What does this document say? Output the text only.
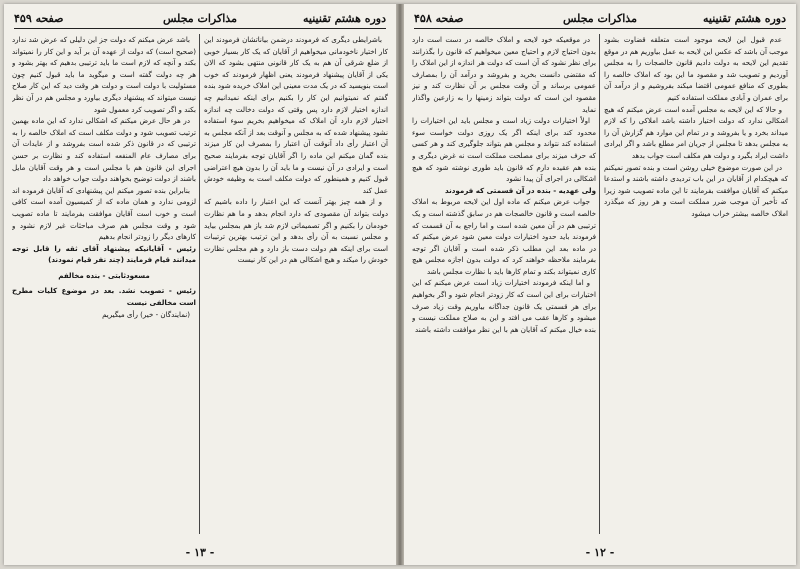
صفحه ۴۵۹	مذاکرات مجلس	دوره هشتم تقنینیه

باشرایطی دیگری که فرمودند درضمن بیاناتشان فرمودند این کار اختیار ناخودمانی میخواهیم از آقایان که یک کار بسیار خوبی از ضلع شرقی آن هم به یک کار قانونی منتهی بشود که الان یکی از آقایان پیشنهاد فرمودند یعنی اظهار فرمودند که خوب است بنویسید که در یک مدت معینی این املاک خریده شود بنده گفتم که نمیتوانیم این کار را بکنیم برای اینکه نمیدانیم چه اندازه اختیار لازم دارد پس وقتی که دولت دخالت چه اندازه اختیار لازم دارد آن املاک که میخواهیم بخریم سوء استفاده نشود پیشنهاد شده که به مجلس و آنوقت بعد از آنکه مجلس به آن اعتبار رأی داد آنوقت آن اعتبار را بمصرف این کار میزند بنده گمان میکنم این ماده را اگر آقایان توجه بفرمایند صحیح است و ایرادی در آن نیست و ما باید آن را بدون هیچ اعتراضی قبول کنیم و همینطور که دولت مکلف است به وظیفه خودش عمل کند

و از همه چیز بهتر آنست که این اعتبار را داده باشیم که دولت بتواند آن مقصودی که دارد انجام بدهد و ما هم نظارت خودمان را بکنیم و اگر تصمیماتی لازم شد باز هم بمجلس بیاید و مجلس نسبت به آن رأی بدهد و این ترتیب بهترین ترتیبات است برای اینکه هم دولت دست باز دارد و هم مجلس نظارت خودش را میکند و هیچ اشکالی هم در این کار نیست

باشد عرض میکنم که دولت جز این دلیلی که عرض شد ندارد (صحیح است) که دولت از عهده آن بر آید و این کار را نمیتواند بکند و آنچه که لازم است ما باید ترتیبی بدهیم که بهتر بشود و هر چه دولت گفته است و میگوید ما باید قبول کنیم چون مسئولیت با دولت است و دولت هر وقت دید که این کار صلاح نیست میتواند که پیشنهاد دیگری بیاورد و مجلس هم در آن نظر بکند و اگر تصویب کرد معمول شود

در هر حال عرض میکنم که اشکالی ندارد که این ماده بهمین ترتیب تصویب شود و دولت مکلف است که املاک خالصه را به ترتیبی که در قانون ذکر شده است بفروشد و از عایدات آن برای مصارف عام المنفعه استفاده کند و نظارت بر حسن اجرای این قانون هم با مجلس است و هر وقت آقایان مایل باشند از دولت توضیح بخواهند دولت جواب خواهد داد

بنابراین بنده تصور میکنم این پیشنهادی که آقایان فرموده اند لزومی ندارد و همان ماده که از کمیسیون آمده است کافی است و خوب است آقایان موافقت بفرمایند تا ماده تصویب شود و وقت مجلس هم صرف مباحثات غیر لازم نشود و کارهای دیگر را زودتر انجام بدهیم

رئیس - آقایانیکه پیشنهاد آقای ثقه را قابل توجه میدانند قیام فرمایند (چند نفر قیام نمودند)

مسعودثابتی - بنده مخالفم

رئیس - تصویب نشد. بعد در موضوع کلیات مطرح است مخالفی نیست

(نمایندگان - خیر) رأی میگیریم

- ۱۳ -
صفحه ۴۵۸	مذاکرات مجلس	دوره هشتم تقنینیه

عدم قبول این لایحه موجود است متعلقه قضاوت بشود موجب آن باشد که عکس این لایحه به عمل بیاوریم هم در موقع تقدیم این لایحه به دولت دادیم قانون خالصجات را به مجلس آوردیم و تصویب شد و مقصود ما این بود که املاک خالصه را بطوری که منافع عمومی اقتضا میکند بفروشیم و از درآمد آن برای عمران و آبادی مملکت استفاده کنیم

و حالا که این لایحه به مجلس آمده است عرض میکنم که هیچ اشکالی ندارد که دولت اختیار داشته باشد املاکی را که لازم میداند بخرد و یا بفروشد و در تمام این موارد هم گزارش آن را به مجلس بدهد تا مجلس از جریان امر مطلع باشد و اگر ایرادی داشت ایراد بگیرد و دولت هم مکلف است جواب بدهد

در این صورت موضوع خیلی روشن است و بنده تصور نمیکنم که هیچکدام از آقایان در این باب تردیدی داشته باشند و استدعا میکنم که آقایان موافقت بفرمایند تا این ماده تصویب شود زیرا که تأخیر آن موجب ضرر مملکت است و هر روز که میگذرد املاک خالصه بیشتر خراب میشود

در موقعیکه خود لایحه و املاک خالصه در دست است دارد بدون احتیاج لازم و احتیاج معین میخواهیم که قانون را بگذرانند برای نظر نشود که آن است که دولت هر اندازه از این املاک را که مقتضی دانست بخرید و بفروشد و درآمد آن را بمصارف عمومی برساند و آن وقت مجلس بر آن نظارت کند و نیز مقصود این است که دولت بتواند زمینها را به زارعین واگذار نماید

اولاً اختیارات دولت زیاد است و مجلس باید این اختیارات را محدود کند برای اینکه اگر یک روزی دولت خواست سوء استفاده کند نتواند و مجلس هم بتواند جلوگیری کند و هر کسی که حرف میزند برای مصلحت مملکت است نه غرض دیگری و بنده هم عقیده دارم که قانون باید طوری نوشته شود که هیچ اشکالی در اجرای آن پیدا نشود

ولی عهدیه - بنده در آن قسمتی که فرمودند

جواب عرض میکنم که ماده اول این لایحه مربوط به املاک خالصه است و قانون خالصجات هم در سابق گذشته است و یک ترتیبی هم در آن معین شده است و اما راجع به آن قسمت که فرمودند باید حدود اختیارات دولت معین شود عرض میکنم که در ماده بعد این مطلب ذکر شده است و آقایان اگر توجه بفرمایند ملاحظه خواهند کرد که دولت بدون اجازه مجلس هیچ کاری نمیتواند بکند و تمام کارها باید با نظارت مجلس باشد

و اما اینکه فرمودند اختیارات زیاد است عرض میکنم که این اختیارات برای این است که کار زودتر انجام شود و اگر بخواهیم برای هر قسمتی یک قانون جداگانه بیاوریم وقت زیاد صرف میشود و کارها عقب می افتد و این به صلاح مملکت نیست و بنده خیال میکنم که آقایان هم با این نظر موافقت داشته باشند

- ۱۲ -
